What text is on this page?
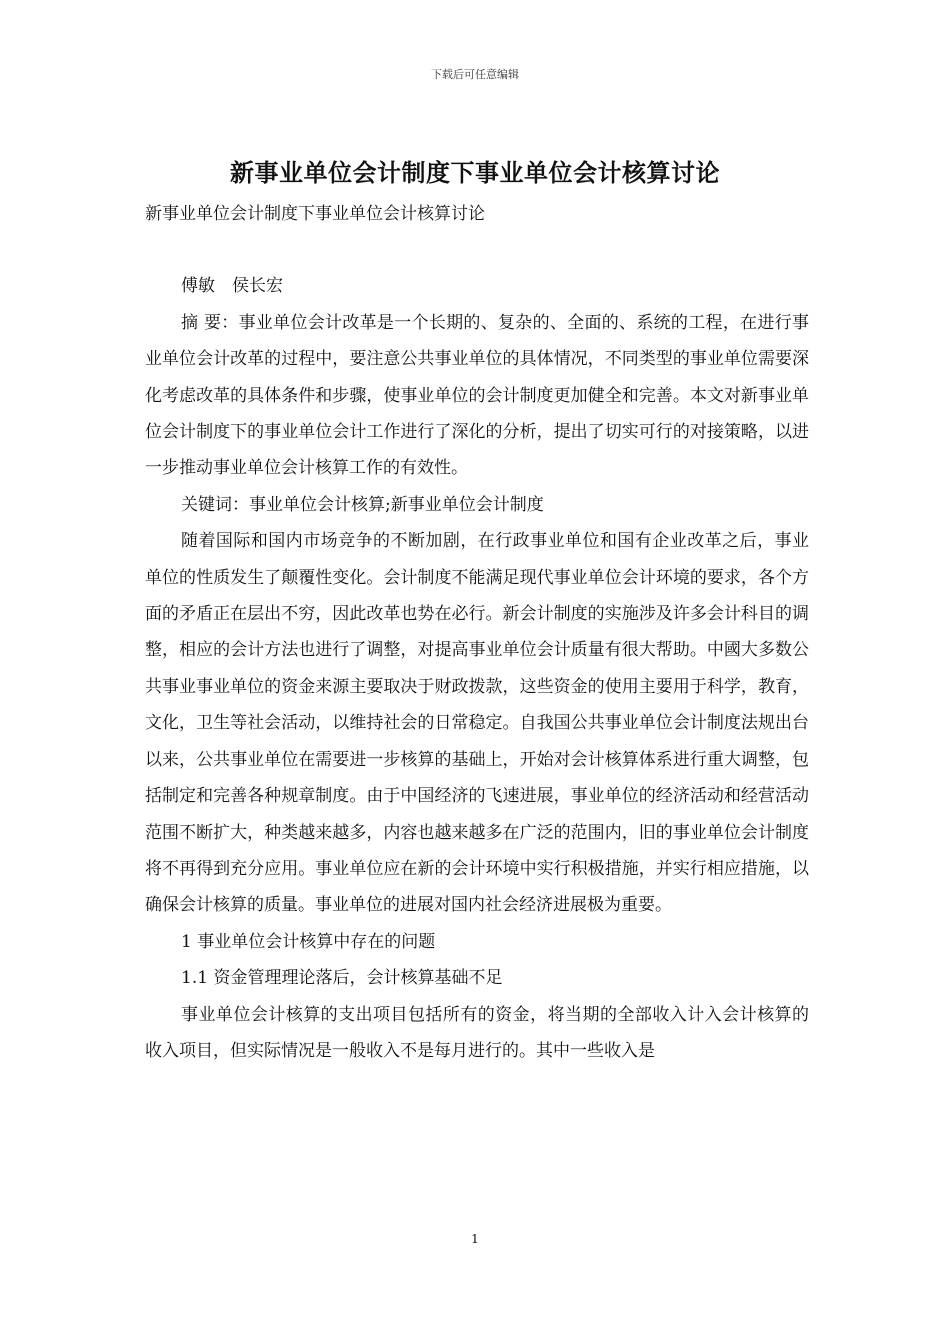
下载后可任意编辑
新事业单位会计制度下事业单位会计核算讨论

新事业单位会计制度下事业单位会计核算讨论

傅敏　侯长宏

摘 要：事业单位会计改革是一个长期的、复杂的、全面的、系统的工程，在进行事业单位会计改革的过程中，要注意公共事业单位的具体情况，不同类型的事业单位需要深化考虑改革的具体条件和步骤，使事业单位的会计制度更加健全和完善。本文对新事业单位会计制度下的事业单位会计工作进行了深化的分析，提出了切实可行的对接策略，以进一步推动事业单位会计核算工作的有效性。

关键词：事业单位会计核算;新事业单位会计制度

随着国际和国内市场竞争的不断加剧，在行政事业单位和国有企业改革之后，事业单位的性质发生了颠覆性变化。会计制度不能满足现代事业单位会计环境的要求，各个方面的矛盾正在层出不穷，因此改革也势在必行。新会计制度的实施涉及许多会计科目的调整，相应的会计方法也进行了调整，对提高事业单位会计质量有很大帮助。中國大多数公共事业事业单位的资金来源主要取决于财政拨款，这些资金的使用主要用于科学，教育，文化，卫生等社会活动，以维持社会的日常稳定。自我国公共事业单位会计制度法规出台以来，公共事业单位在需要进一步核算的基础上，开始对会计核算体系进行重大调整，包括制定和完善各种规章制度。由于中国经济的飞速进展，事业单位的经济活动和经营活动范围不断扩大，种类越来越多，内容也越来越多在广泛的范围内，旧的事业单位会计制度将不再得到充分应用。事业单位应在新的会计环境中实行积极措施，并实行相应措施，以确保会计核算的质量。事业单位的进展对国内社会经济进展极为重要。

1 事业单位会计核算中存在的问题

1.1 资金管理理论落后，会计核算基础不足

事业单位会计核算的支出项目包括所有的资金，将当期的全部收入计入会计核算的收入项目，但实际情况是一般收入不是每月进行的。其中一些收入是

1
